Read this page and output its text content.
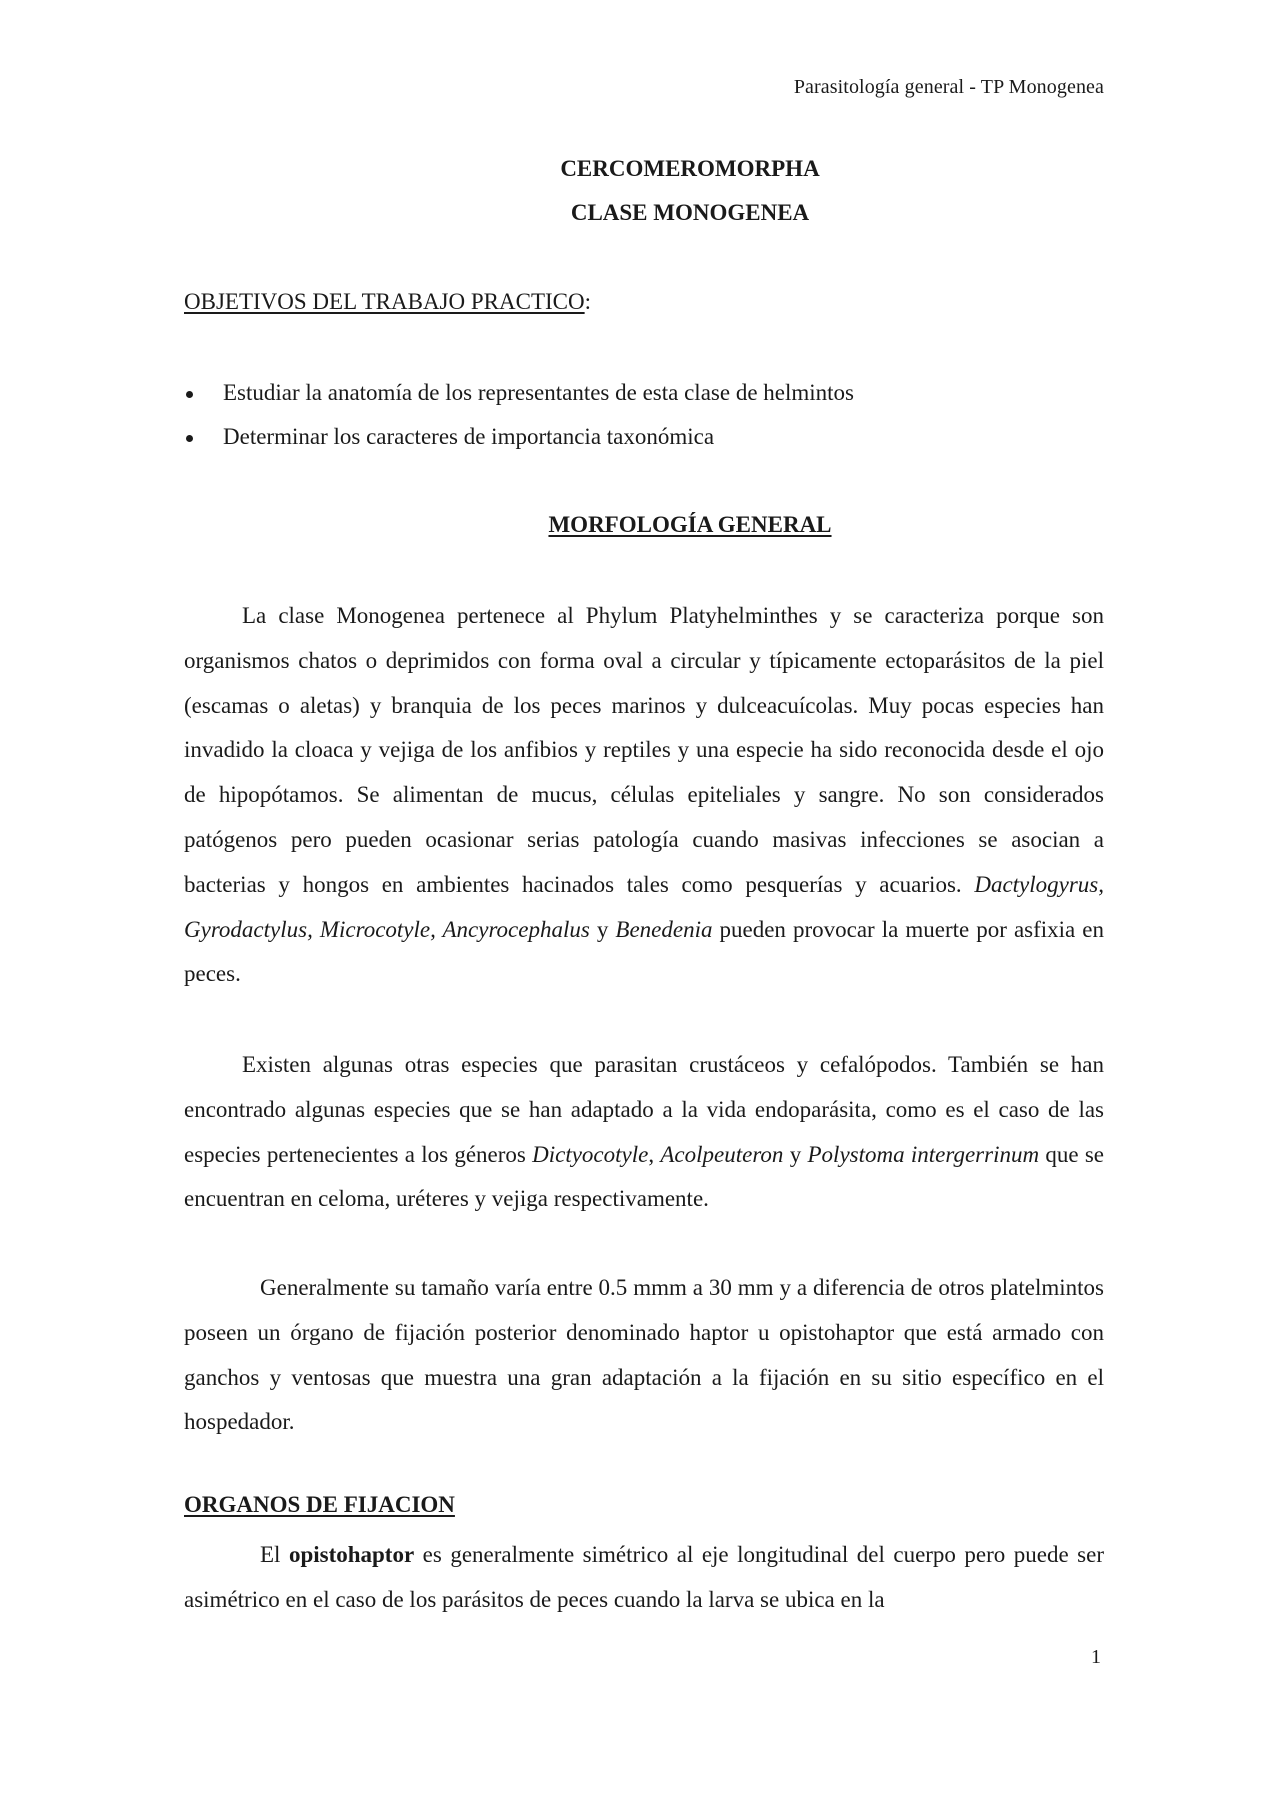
Parasitología general - TP Monogenea
CERCOMEROMORPHA
CLASE MONOGENEA
OBJETIVOS DEL TRABAJO PRACTICO:
Estudiar la anatomía de los representantes de esta clase de helmintos
Determinar los caracteres de importancia taxonómica
MORFOLOGÍA GENERAL

La clase Monogenea pertenece al Phylum Platyhelminthes y se caracteriza porque son organismos chatos o deprimidos con forma oval a circular y típicamente ectoparásitos de la piel (escamas o aletas) y branquia de los peces marinos y dulceacuícolas. Muy pocas especies han invadido la cloaca y vejiga de los anfibios y reptiles y una especie ha sido reconocida desde el ojo de hipopótamos. Se alimentan de mucus, células epiteliales y sangre. No son considerados patógenos pero pueden ocasionar serias patología cuando masivas infecciones se asocian a bacterias y hongos en ambientes hacinados tales como pesquerías y acuarios. Dactylogyrus, Gyrodactylus, Microcotyle, Ancyrocephalus y Benedenia pueden provocar la muerte por asfixia en peces.

Existen algunas otras especies que parasitan crustáceos y cefalópodos. También se han encontrado algunas especies que se han adaptado a la vida endoparásita, como es el caso de las especies pertenecientes a los géneros Dictyocotyle, Acolpeuteron y Polystoma intergerrinum que se encuentran en celoma, uréteres y vejiga respectivamente.

Generalmente su tamaño varía entre 0.5 mmm a 30 mm y a diferencia de otros platelmintos poseen un órgano de fijación posterior denominado haptor u opistohaptor que está armado con ganchos y ventosas que muestra una gran adaptación a la fijación en su sitio específico en el hospedador.

ORGANOS DE FIJACION

El opistohaptor es generalmente simétrico al eje longitudinal del cuerpo pero puede ser asimétrico en el caso de los parásitos de peces cuando la larva se ubica en la

1
